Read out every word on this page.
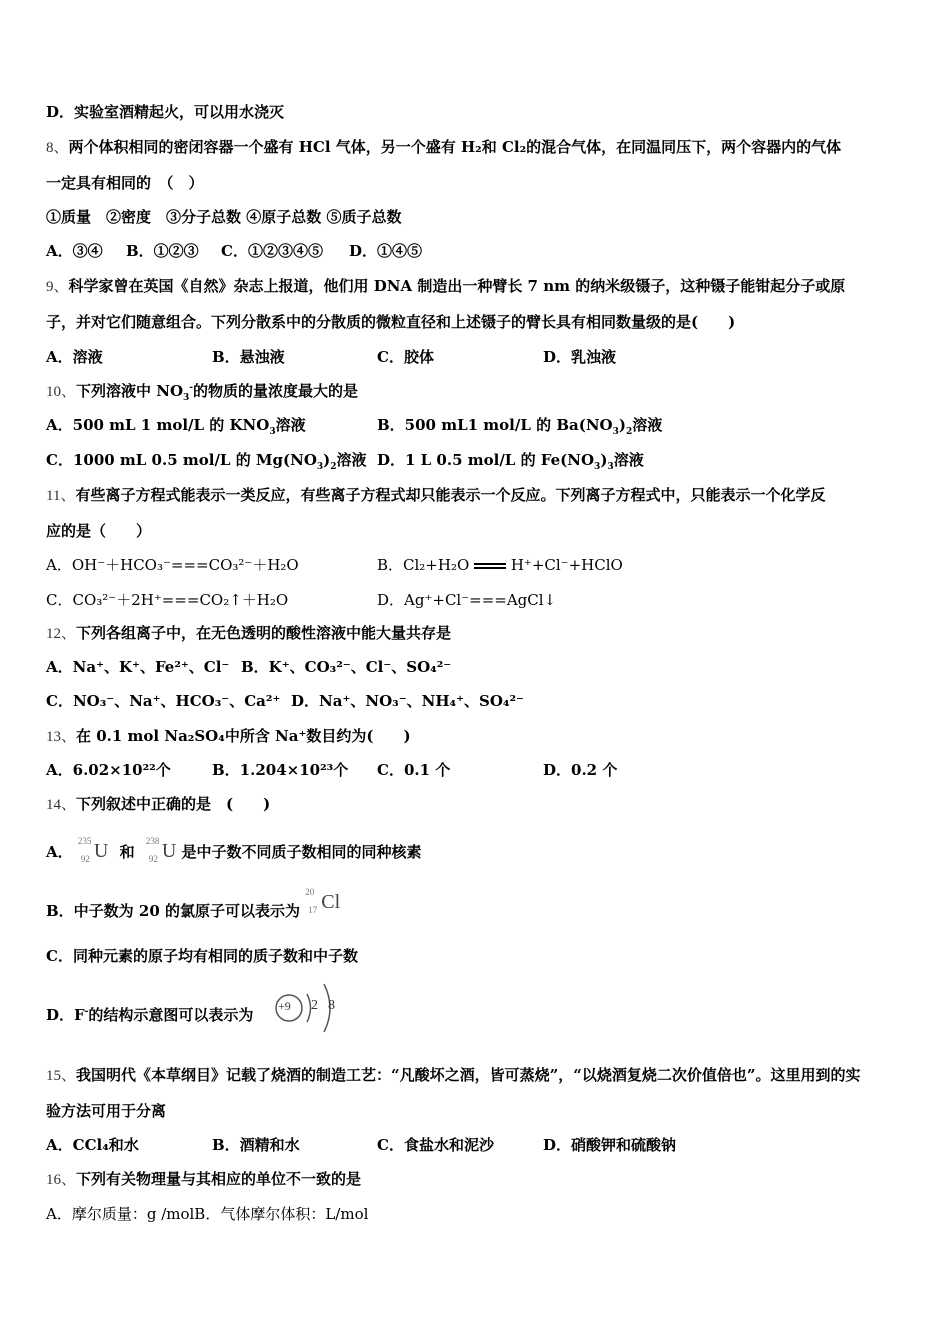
D．实验室酒精起火，可以用水浇灭
8、两个体积相同的密闭容器一个盛有 HCl 气体，另一个盛有 H₂和 Cl₂的混合气体，在同温同压下，两个容器内的气体
一定具有相同的　（　）
①质量　②密度　③分子总数 ④原子总数 ⑤质子总数
A．③④ B．①②③ C．①②③④⑤ D．①④⑤
9、科学家曾在英国《自然》杂志上报道，他们用 DNA 制造出一种臂长 7 nm 的纳米级镊子，这种镊子能钳起分子或原
子，并对它们随意组合。下列分散系中的分散质的微粒直径和上述镊子的臂长具有相同数量级的是(　　)
A．溶液	B．悬浊液	C．胶体	D．乳浊液
10、下列溶液中 $NO_3^-$的物质的量浓度最大的是
A．500 mL 1 mol/L 的 $KNO_3$溶液	B．500 mL1 mol/L 的 $Ba(NO_3)_2$溶液
C．1000 mL 0.5 mol/L 的 $Mg(NO_3)_2$溶液 D．1 L 0.5 mol/L 的 $Fe(NO_3)_3$溶液
11、有些离子方程式能表示一类反应，有些离子方程式却只能表示一个反应。下列离子方程式中，只能表示一个化学反
应的是（　　）
A．OH⁻＋HCO₃⁻===CO₃²⁻＋H₂O	B．Cl₂+H₂O	H⁺+Cl⁻+HClO
C．CO₃²⁻＋2H⁺===CO₂↑＋H₂O	D．Ag⁺+Cl⁻===AgCl↓
12、下列各组离子中，在无色透明的酸性溶液中能大量共存是
A．Na⁺、K⁺、Fe²⁺、Cl⁻ B．K⁺、CO₃²⁻、Cl⁻、SO₄²⁻
C．NO₃⁻、Na⁺、HCO₃⁻、Ca²⁺ D．Na⁺、NO₃⁻、NH₄⁺、SO₄²⁻
13、在 0.1 mol Na₂SO₄中所含 Na⁺数目约为(　　)
A．6.02×10²²个	B．1.204×10²³个 C．0.1 个	D．0.2 个
14、下列叙述中正确的是　(　　)
A．
235
92 U 和
238
92 U 是中子数不同质子数相同的同种核素
B．中子数为 20 的氯原子可以表示为
20
17 Cl
C．同种元素的原子均有相同的质子数和中子数
D．F-的结构示意图可以表示为 +9 2 8
15、我国明代《本草纲目》记载了烧酒的制造工艺：“凡酸坏之酒，皆可蒸烧”，“以烧酒复烧二次价值倍也”。这里用到的实
验方法可用于分离
A．CCl₄和水	B．酒精和水	C．食盐水和泥沙	D．硝酸钾和硫酸钠
16、下列有关物理量与其相应的单位不一致的是
A．摩尔质量：g /molB．气体摩尔体积：L/mol
